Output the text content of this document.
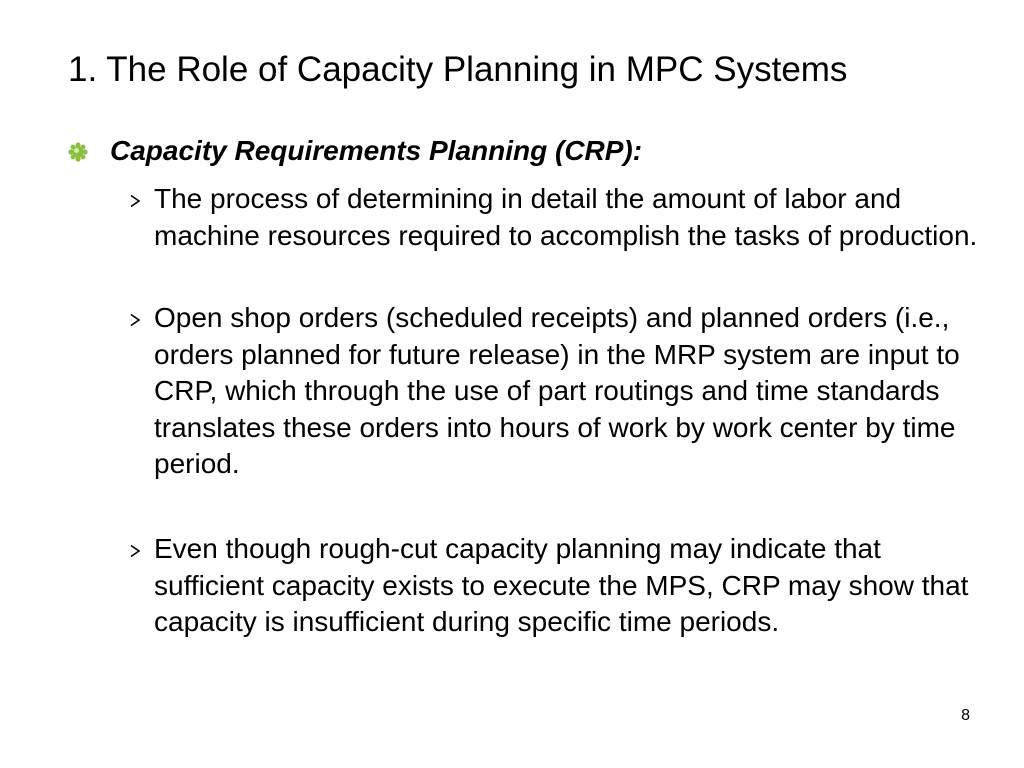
1. The Role of Capacity Planning in MPC Systems
Capacity Requirements Planning (CRP):
The process of determining in detail the amount of labor and machine resources required to accomplish the tasks of production.
Open shop orders (scheduled receipts) and planned orders (i.e., orders planned for future release) in the MRP system are input to CRP, which through the use of part routings and time standards translates these orders into hours of work by work center by time period.
Even though rough-cut capacity planning may indicate that sufficient capacity exists to execute the MPS, CRP may show that capacity is insufficient during specific time periods.
8
